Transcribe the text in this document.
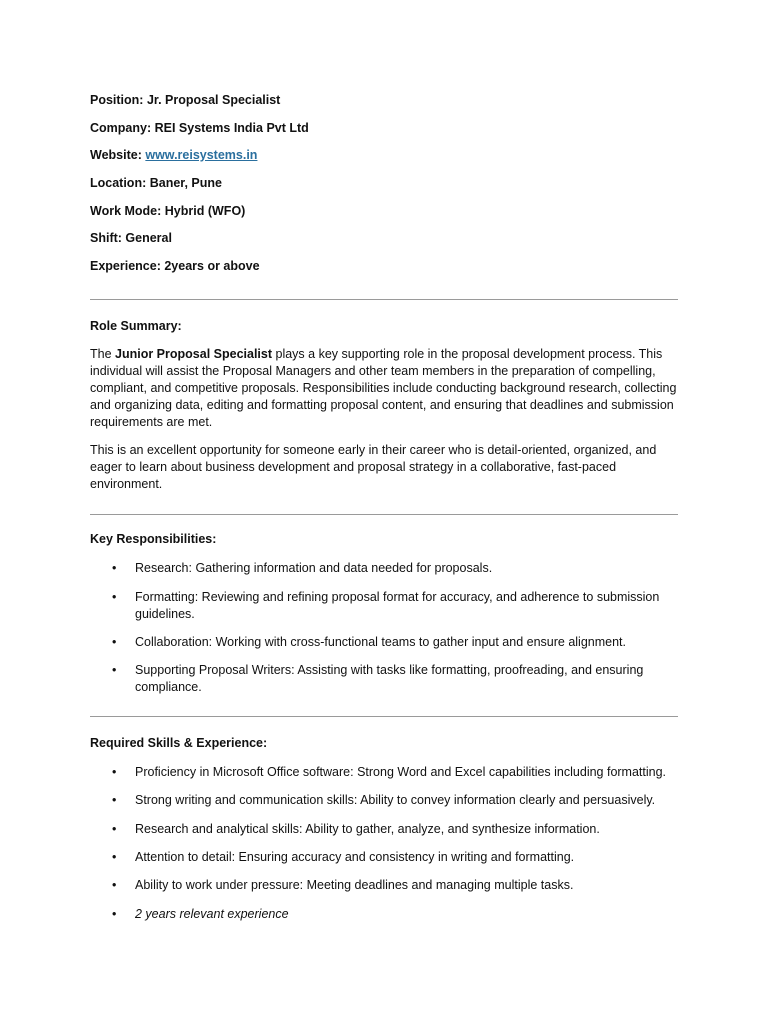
Position: Jr. Proposal Specialist
Company: REI Systems India Pvt Ltd
Website: www.reisystems.in
Location: Baner, Pune
Work Mode: Hybrid (WFO)
Shift: General
Experience: 2years or above
Role Summary:
The Junior Proposal Specialist plays a key supporting role in the proposal development process. This individual will assist the Proposal Managers and other team members in the preparation of compelling, compliant, and competitive proposals. Responsibilities include conducting background research, collecting and organizing data, editing and formatting proposal content, and ensuring that deadlines and submission requirements are met.
This is an excellent opportunity for someone early in their career who is detail-oriented, organized, and eager to learn about business development and proposal strategy in a collaborative, fast-paced environment.
Key Responsibilities:
• Research: Gathering information and data needed for proposals.
• Formatting: Reviewing and refining proposal format for accuracy, and adherence to submission guidelines.
• Collaboration: Working with cross-functional teams to gather input and ensure alignment.
• Supporting Proposal Writers: Assisting with tasks like formatting, proofreading, and ensuring compliance.
Required Skills & Experience:
• Proficiency in Microsoft Office software: Strong Word and Excel capabilities including formatting.
• Strong writing and communication skills: Ability to convey information clearly and persuasively.
• Research and analytical skills: Ability to gather, analyze, and synthesize information.
• Attention to detail: Ensuring accuracy and consistency in writing and formatting.
• Ability to work under pressure: Meeting deadlines and managing multiple tasks.
• 2 years relevant experience
